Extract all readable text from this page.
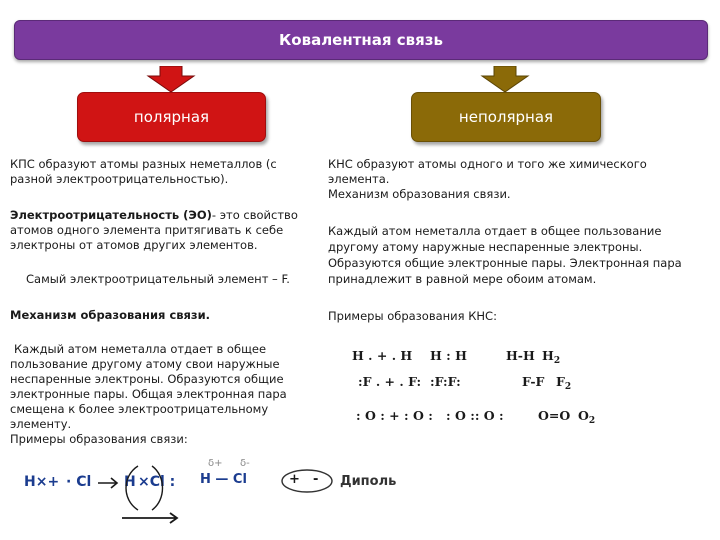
Ковалентная связь
полярная	неполярная
КПС образуют атомы разных неметаллов (с
разной электроотрицательностью).
Электроотрицательность (ЭО)- это свойство
атомов одного элемента притягивать к себе
электроны от атомов других элементов.
Самый электроотрицательный элемент – F.
Механизм образования связи.
Каждый атом неметалла отдает в общее
пользование другому атому свои наружные
неспаренные электроны. Образуются общие
электронные пары. Общая электронная пара
смещена к более электроотрицательному
элементу.
Примеры образования связи:
КНС образуют атомы одного и того же химического
элемента.
Механизм образования связи.
Каждый атом неметалла отдает в общее пользование
другому атому наружные неспаренные электроны.
Образуются общие электронные пары. Электронная пара
принадлежит в равной мере обоим атомам.
Примеры образования КНС:
H . + . H H : H	H-H $H_2$
:F . + . F: :F:F:	F-F $F_2$
: O : + : O : : O :: O :	O=O $O_2$
H×+ · Cl → H ×Cl :
δ+ δ-
H — Cl	+ - Диполь
